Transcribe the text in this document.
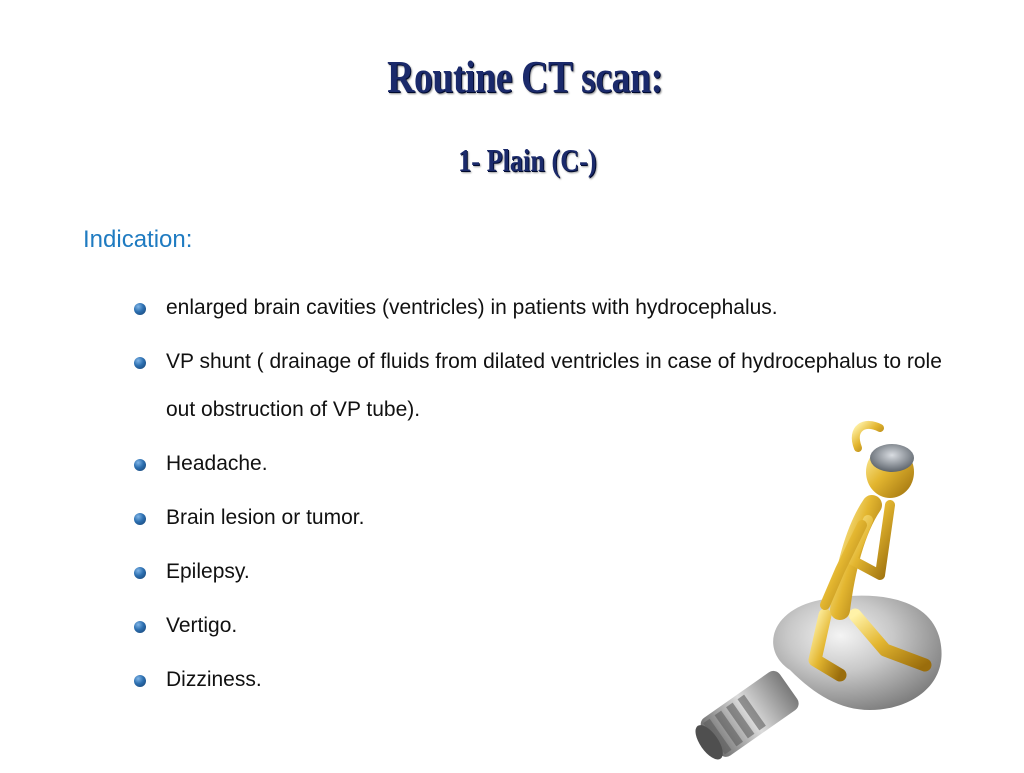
Routine CT scan:
1- Plain (C-)
Indication:
enlarged brain cavities (ventricles) in patients with hydrocephalus.
VP shunt ( drainage of fluids from dilated ventricles in case of hydrocephalus to role out obstruction of VP tube).
Headache.
Brain lesion or tumor.
Epilepsy.
Vertigo.
Dizziness.
